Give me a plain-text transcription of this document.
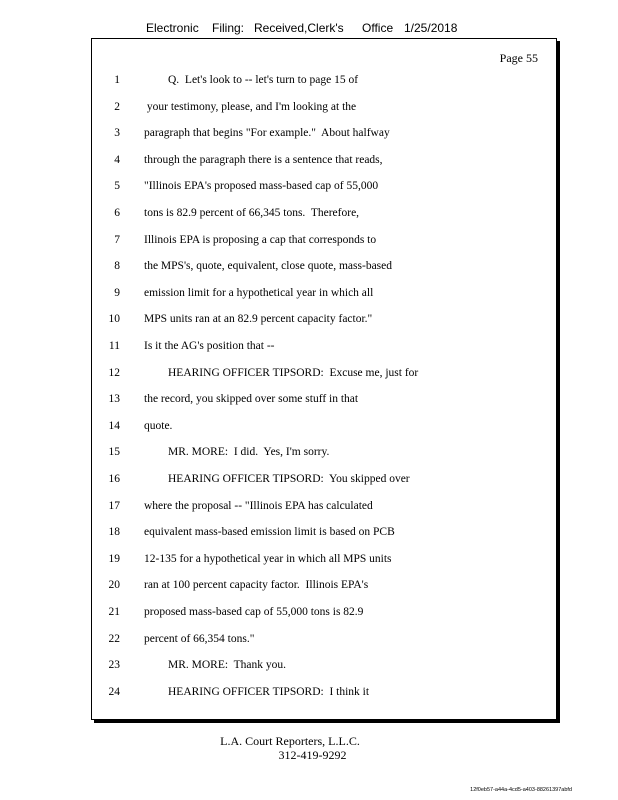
Electronic Filing: Received,Clerk's Office 1/25/2018
Page 55
1	Q.  Let's look to -- let's turn to page 15 of
2 your testimony, please, and I'm looking at the
3 paragraph that begins "For example."  About halfway
4 through the paragraph there is a sentence that reads,
5 "Illinois EPA's proposed mass-based cap of 55,000
6 tons is 82.9 percent of 66,345 tons.  Therefore,
7 Illinois EPA is proposing a cap that corresponds to
8 the MPS's, quote, equivalent, close quote, mass-based
9 emission limit for a hypothetical year in which all
10 MPS units ran at an 82.9 percent capacity factor."
11 Is it the AG's position that --
12	HEARING OFFICER TIPSORD:  Excuse me, just for
13 the record, you skipped over some stuff in that
14 quote.
15	MR. MORE:  I did.  Yes, I'm sorry.
16	HEARING OFFICER TIPSORD:  You skipped over
17 where the proposal -- "Illinois EPA has calculated
18 equivalent mass-based emission limit is based on PCB
19 12-135 for a hypothetical year in which all MPS units
20 ran at 100 percent capacity factor.  Illinois EPA's
21 proposed mass-based cap of 55,000 tons is 82.9
22 percent of 66,354 tons."
23	MR. MORE:  Thank you.
24	HEARING OFFICER TIPSORD:  I think it
L.A. Court Reporters, L.L.C.
312-419-9292
12f0eb57-a44a-4cd5-a403-88261397abfd
